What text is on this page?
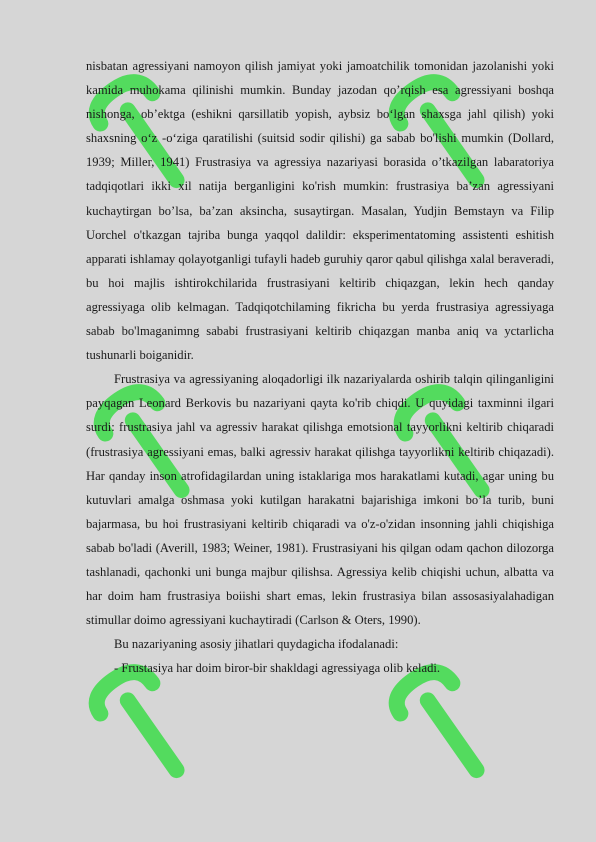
nisbatan agressiyani namoyon qilish jamiyat yoki jamoatchilik tomonidan jazolanishi yoki kamida muhokama qilinishi mumkin. Bunday jazodan qo’rqish esa agressiyani boshqa nishonga, ob’ektga (eshikni qarsillatib yopish, aybsiz bo‘lgan shaxsga jahl qilish) yoki shaxsning o‘z -o‘ziga qaratilishi (suitsid sodir qilishi) ga sabab bo'lishi mumkin (Dollard, 1939; Miller, 1941) Frustrasiya va agressiya nazariyasi borasida o’tkazilgan labaratoriya tadqiqotlari ikki xil natija berganligini ko'rish mumkin: frustrasiya ba’zan agressiyani kuchaytirgan bo’lsa, ba’zan aksincha, susaytirgan. Masalan, Yudjin Bemstayn va Filip Uorchel o'tkazgan tajriba bunga yaqqol dalildir: eksperimentatoming assistenti eshitish apparati ishlamay qolayotganligi tufayli hadeb guruhiy qaror qabul qilishga xalal beraveradi, bu hoi majlis ishtirokchilarida frustrasiyani keltirib chiqazgan, lekin hech qanday agressiyaga olib kelmagan. Tadqiqotchilaming fikricha bu yerda frustrasiya agressiyaga sabab bo'lmaganimng sababi frustrasiyani keltirib chiqazgan manba aniq va yctarlicha tushunarli boiganidir.

Frustrasiya va agressiyaning aloqadorligi ilk nazariyalarda oshirib talqin qilinganligini payqagan Leonard Berkovis bu nazariyani qayta ko'rib chiqdi. U quyidagi taxminni ilgari surdi: frustrasiya jahl va agressiv harakat qilishga emotsional tayyorlikni keltirib chiqaradi (frustrasiya agressiyani emas, balki agressiv harakat qilishga tayyorlikni keltirib chiqazadi). Har qanday inson atrofidagilardan uning istaklariga mos harakatlami kutadi, agar uning bu kutuvlari amalga oshmasa yoki kutilgan harakatni bajarishiga imkoni bo’la turib, buni bajarmasa, bu hoi frustrasiyani keltirib chiqaradi va o'z-o'zidan insonning jahli chiqishiga sabab bo'ladi (Averill, 1983; Weiner, 1981). Frustrasiyani his qilgan odam qachon dilozorga tashlanadi, qachonki uni bunga majbur qilishsa. Agressiya kelib chiqishi uchun, albatta va har doim ham frustrasiya boiishi shart emas, lekin frustrasiya bilan assosasiyalahadigan stimullar doimo agressiyani kuchaytiradi (Carlson & Oters, 1990).

Bu nazariyaning asosiy jihatlari quydagicha ifodalanadi:

- Frustasiya har doim biror-bir shakldagi agressiyaga olib keladi.
